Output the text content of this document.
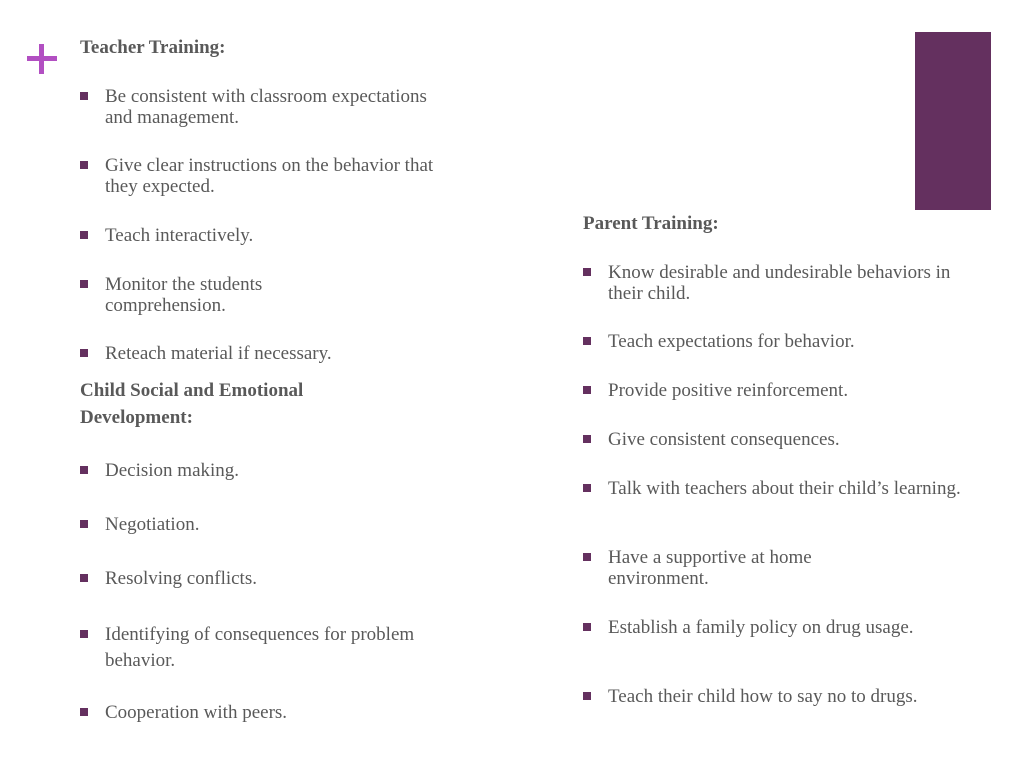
Teacher Training:
Be consistent with classroom expectations and management.
Give clear instructions on the behavior that they expected.
Teach interactively.
Monitor the students comprehension.
Reteach material if necessary.
Child Social and Emotional Development:
Decision making.
Negotiation.
Resolving conflicts.
Identifying of consequences for problem behavior.
Cooperation with peers.
Parent Training:
Know desirable and undesirable behaviors in their child.
Teach expectations for behavior.
Provide positive reinforcement.
Give consistent consequences.
Talk with teachers about their child’s learning.
Have a supportive at home environment.
Establish a family policy on drug usage.
Teach their child how to say no to drugs.
